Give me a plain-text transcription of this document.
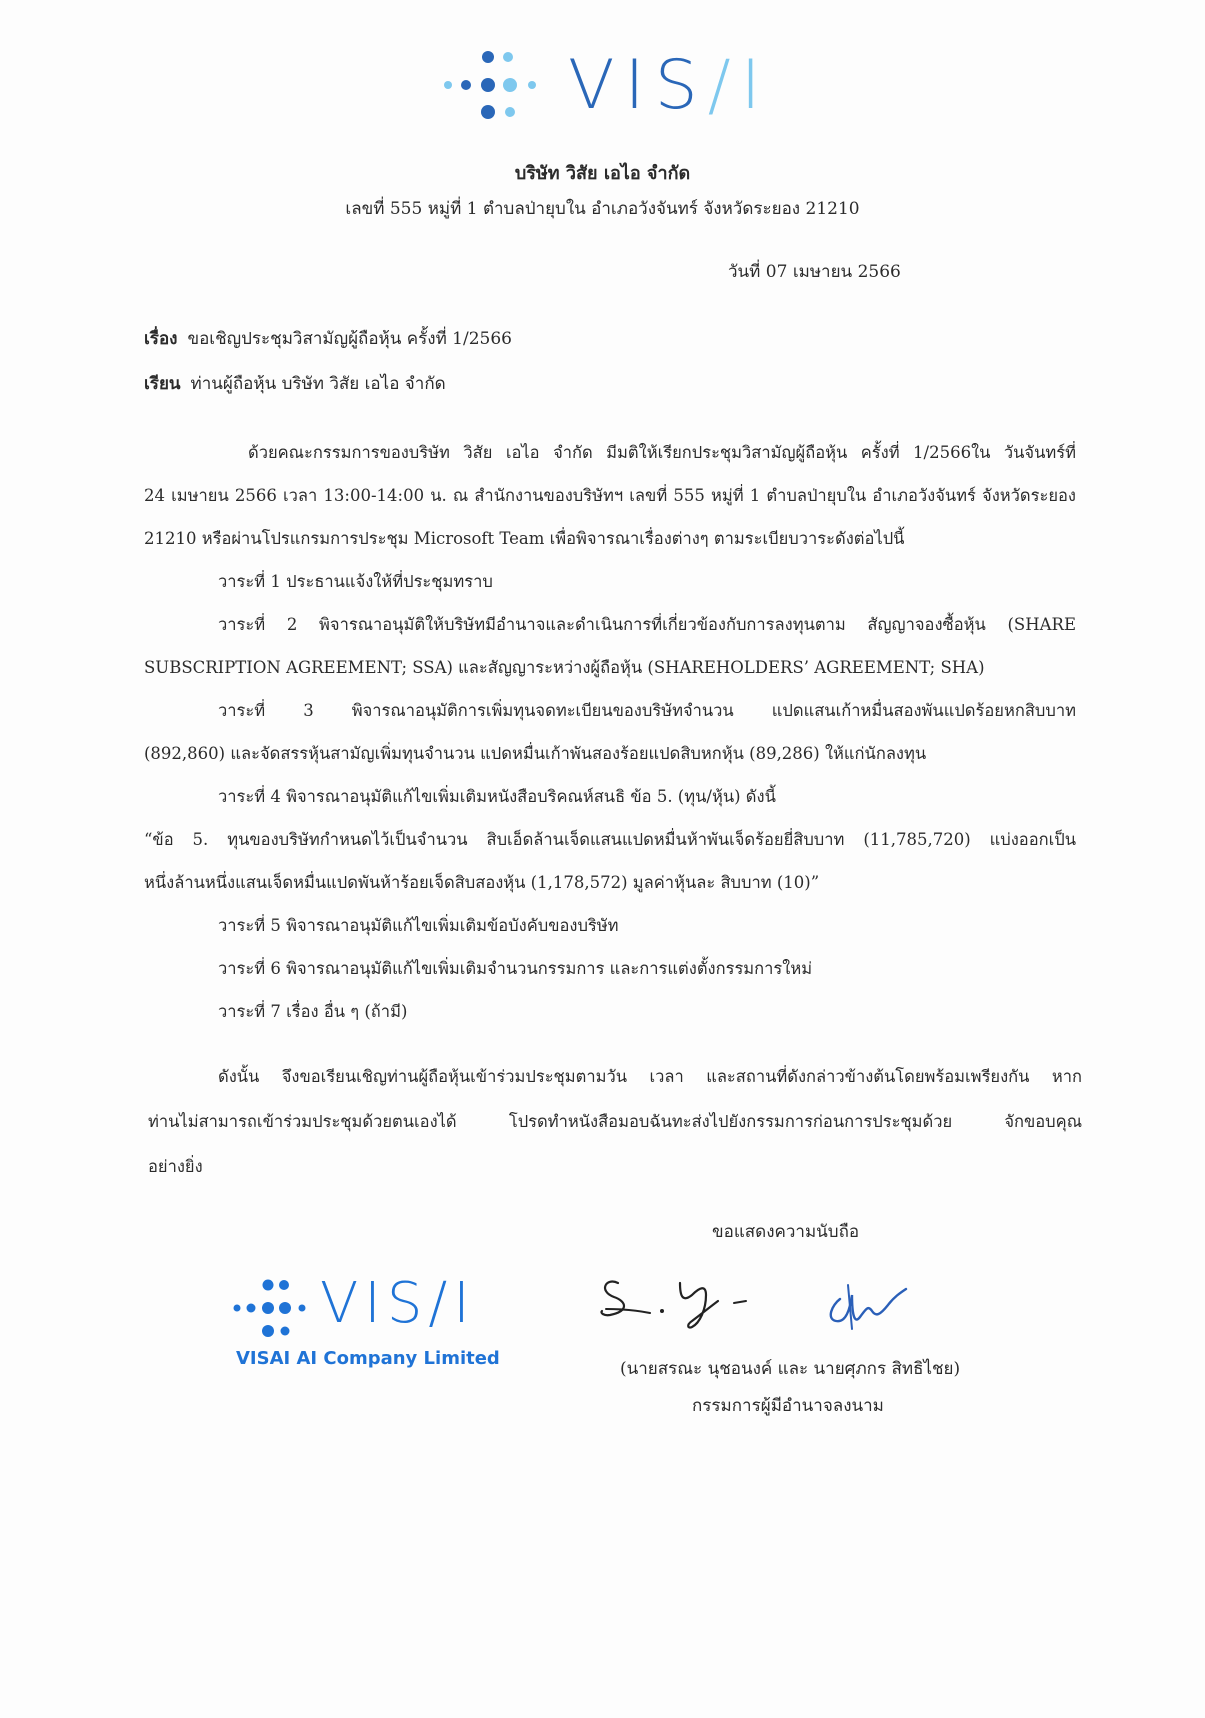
VIS/I
บริษัท วิสัย เอไอ จำกัด
เลขที่ 555 หมู่ที่ 1 ตำบลป่ายุบใน อำเภอวังจันทร์ จังหวัดระยอง 21210
วันที่ 07 เมษายน 2566
เรื่อง ขอเชิญประชุมวิสามัญผู้ถือหุ้น ครั้งที่ 1/2566
เรียน ท่านผู้ถือหุ้น บริษัท วิสัย เอไอ จำกัด
ด้วยคณะกรรมการของบริษัท วิสัย เอไอ จำกัด มีมติให้เรียกประชุมวิสามัญผู้ถือหุ้น ครั้งที่ 1/2566ใน วันจันทร์ที่
24 เมษายน 2566 เวลา 13:00-14:00 น. ณ สำนักงานของบริษัทฯ เลขที่ 555 หมู่ที่ 1 ตำบลป่ายุบใน อำเภอวังจันทร์ จังหวัดระยอง
21210 หรือผ่านโปรแกรมการประชุม Microsoft Team เพื่อพิจารณาเรื่องต่างๆ ตามระเบียบวาระดังต่อไปนี้
วาระที่ 1 ประธานแจ้งให้ที่ประชุมทราบ
วาระที่ 2 พิจารณาอนุมัติให้บริษัทมีอำนาจและดำเนินการที่เกี่ยวข้องกับการลงทุนตาม สัญญาจองซื้อหุ้น (SHARE
SUBSCRIPTION AGREEMENT; SSA) และสัญญาระหว่างผู้ถือหุ้น (SHAREHOLDERS’ AGREEMENT; SHA)
วาระที่ 3 พิจารณาอนุมัติการเพิ่มทุนจดทะเบียนของบริษัทจำนวน แปดแสนเก้าหมื่นสองพันแปดร้อยหกสิบบาท
(892,860) และจัดสรรหุ้นสามัญเพิ่มทุนจำนวน แปดหมื่นเก้าพันสองร้อยแปดสิบหกหุ้น (89,286) ให้แก่นักลงทุน
วาระที่ 4 พิจารณาอนุมัติแก้ไขเพิ่มเติมหนังสือบริคณห์สนธิ ข้อ 5. (ทุน/หุ้น) ดังนี้
“ข้อ 5. ทุนของบริษัทกำหนดไว้เป็นจำนวน สิบเอ็ดล้านเจ็ดแสนแปดหมื่นห้าพันเจ็ดร้อยยี่สิบบาท (11,785,720) แบ่งออกเป็น
หนึ่งล้านหนึ่งแสนเจ็ดหมื่นแปดพันห้าร้อยเจ็ดสิบสองหุ้น (1,178,572) มูลค่าหุ้นละ สิบบาท (10)”
วาระที่ 5 พิจารณาอนุมัติแก้ไขเพิ่มเติมข้อบังคับของบริษัท
วาระที่ 6 พิจารณาอนุมัติแก้ไขเพิ่มเติมจำนวนกรรมการ และการแต่งตั้งกรรมการใหม่
วาระที่ 7 เรื่อง อื่น ๆ (ถ้ามี)
ดังนั้น จึงขอเรียนเชิญท่านผู้ถือหุ้นเข้าร่วมประชุมตามวัน เวลา และสถานที่ดังกล่าวข้างต้นโดยพร้อมเพรียงกัน หาก
ท่านไม่สามารถเข้าร่วมประชุมด้วยตนเองได้ โปรดทำหนังสือมอบฉันทะส่งไปยังกรรมการก่อนการประชุมด้วย จักขอบคุณ
อย่างยิ่ง
ขอแสดงความนับถือ
VIS/I
VISAI AI Company Limited	(นายสรณะ นุชอนงค์ และ นายศุภกร สิทธิไชย)
กรรมการผู้มีอำนาจลงนาม
